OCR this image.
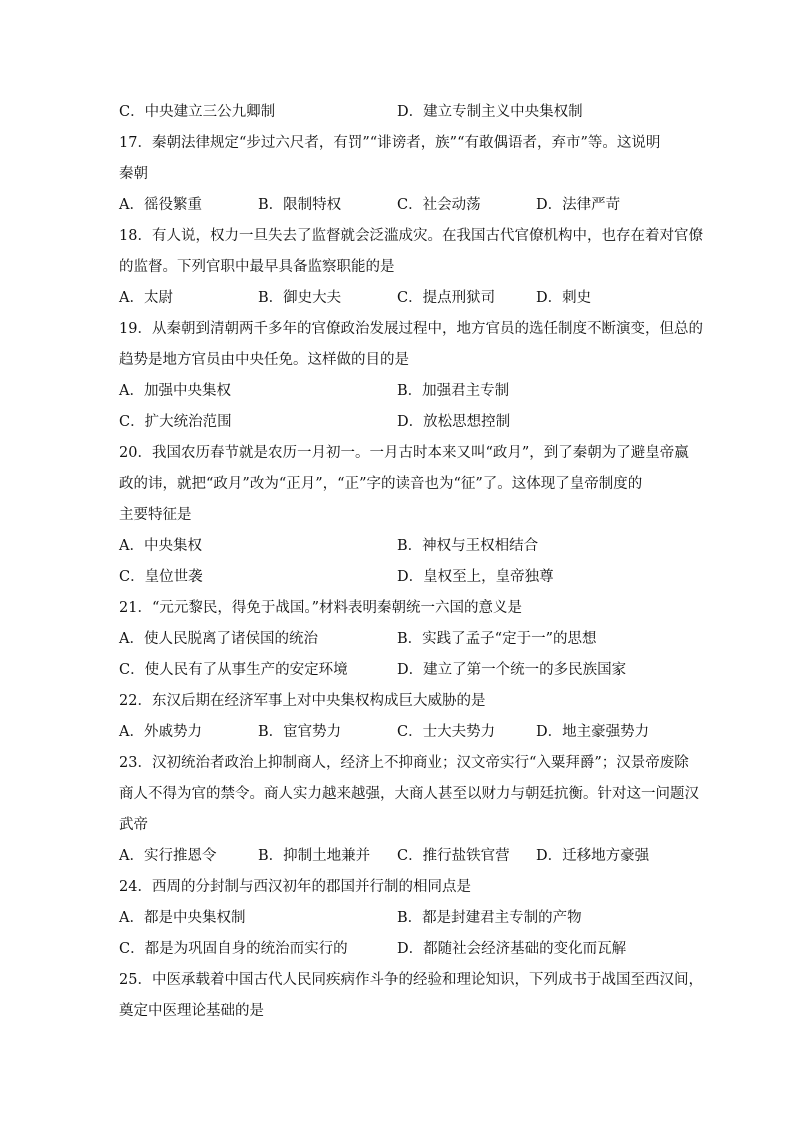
C．中央建立三公九卿制	D．建立专制主义中央集权制
17．秦朝法律规定“步过六尺者，有罚”“诽谤者，族”“有敢偶语者，弃市”等。这说明
秦朝
A．徭役繁重	B．限制特权	C．社会动荡	D．法律严苛
18．有人说，权力一旦失去了监督就会泛滥成灾。在我国古代官僚机构中，也存在着对官僚
的监督。下列官职中最早具备监察职能的是
A．太尉	B．御史大夫	C．提点刑狱司	D．刺史
19．从秦朝到清朝两千多年的官僚政治发展过程中，地方官员的选任制度不断演变，但总的
趋势是地方官员由中央任免。这样做的目的是
A．加强中央集权	B．加强君主专制
C．扩大统治范围	D．放松思想控制
20．我国农历春节就是农历一月初一。一月古时本来又叫“政月”，到了秦朝为了避皇帝嬴
政的讳，就把“政月”改为“正月”，“正”字的读音也为“征”了。这体现了皇帝制度的
主要特征是
A．中央集权	B．神权与王权相结合
C．皇位世袭	D．皇权至上，皇帝独尊
21．“元元黎民，得免于战国。”材料表明秦朝统一六国的意义是
A．使人民脱离了诸侯国的统治	B．实践了孟子“定于一”的思想
C．使人民有了从事生产的安定环境	D．建立了第一个统一的多民族国家
22．东汉后期在经济军事上对中央集权构成巨大威胁的是
A．外戚势力	B．宦官势力	C．士大夫势力	D．地主豪强势力
23．汉初统治者政治上抑制商人，经济上不抑商业；汉文帝实行“入粟拜爵”；汉景帝废除
商人不得为官的禁令。商人实力越来越强，大商人甚至以财力与朝廷抗衡。针对这一问题汉
武帝
A．实行推恩令	B．抑制土地兼并 C．推行盐铁官营 D．迁移地方豪强
24．西周的分封制与西汉初年的郡国并行制的相同点是
A．都是中央集权制	B．都是封建君主专制的产物
C．都是为巩固自身的统治而实行的	D．都随社会经济基础的变化而瓦解
25．中医承载着中国古代人民同疾病作斗争的经验和理论知识，下列成书于战国至西汉间，
奠定中医理论基础的是
